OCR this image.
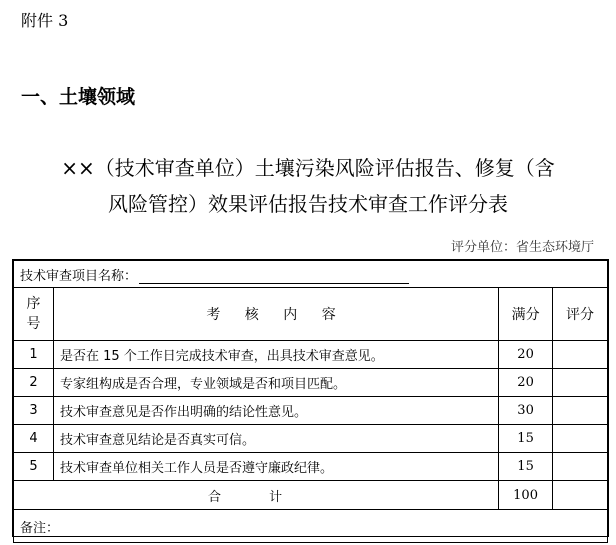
附件 3
一、土壤领域
××（技术审查单位）土壤污染风险评估报告、修复（含
风险管控）效果评估报告技术审查工作评分表
评分单位：省生态环境厅
技术审查项目名称：			

序
号	考 核 内 容	满分	评分
1	是否在 15 个工作日完成技术审查，出具技术审查意见。	20	
2	专家组构成是否合理，专业领域是否和项目匹配。	20	
3	技术审查意见是否作出明确的结论性意见。	30	
4	技术审查意见结论是否真实可信。	15	
5	技术审查单位相关工作人员是否遵守廉政纪律。	15	
合 计		100	
备注：			
